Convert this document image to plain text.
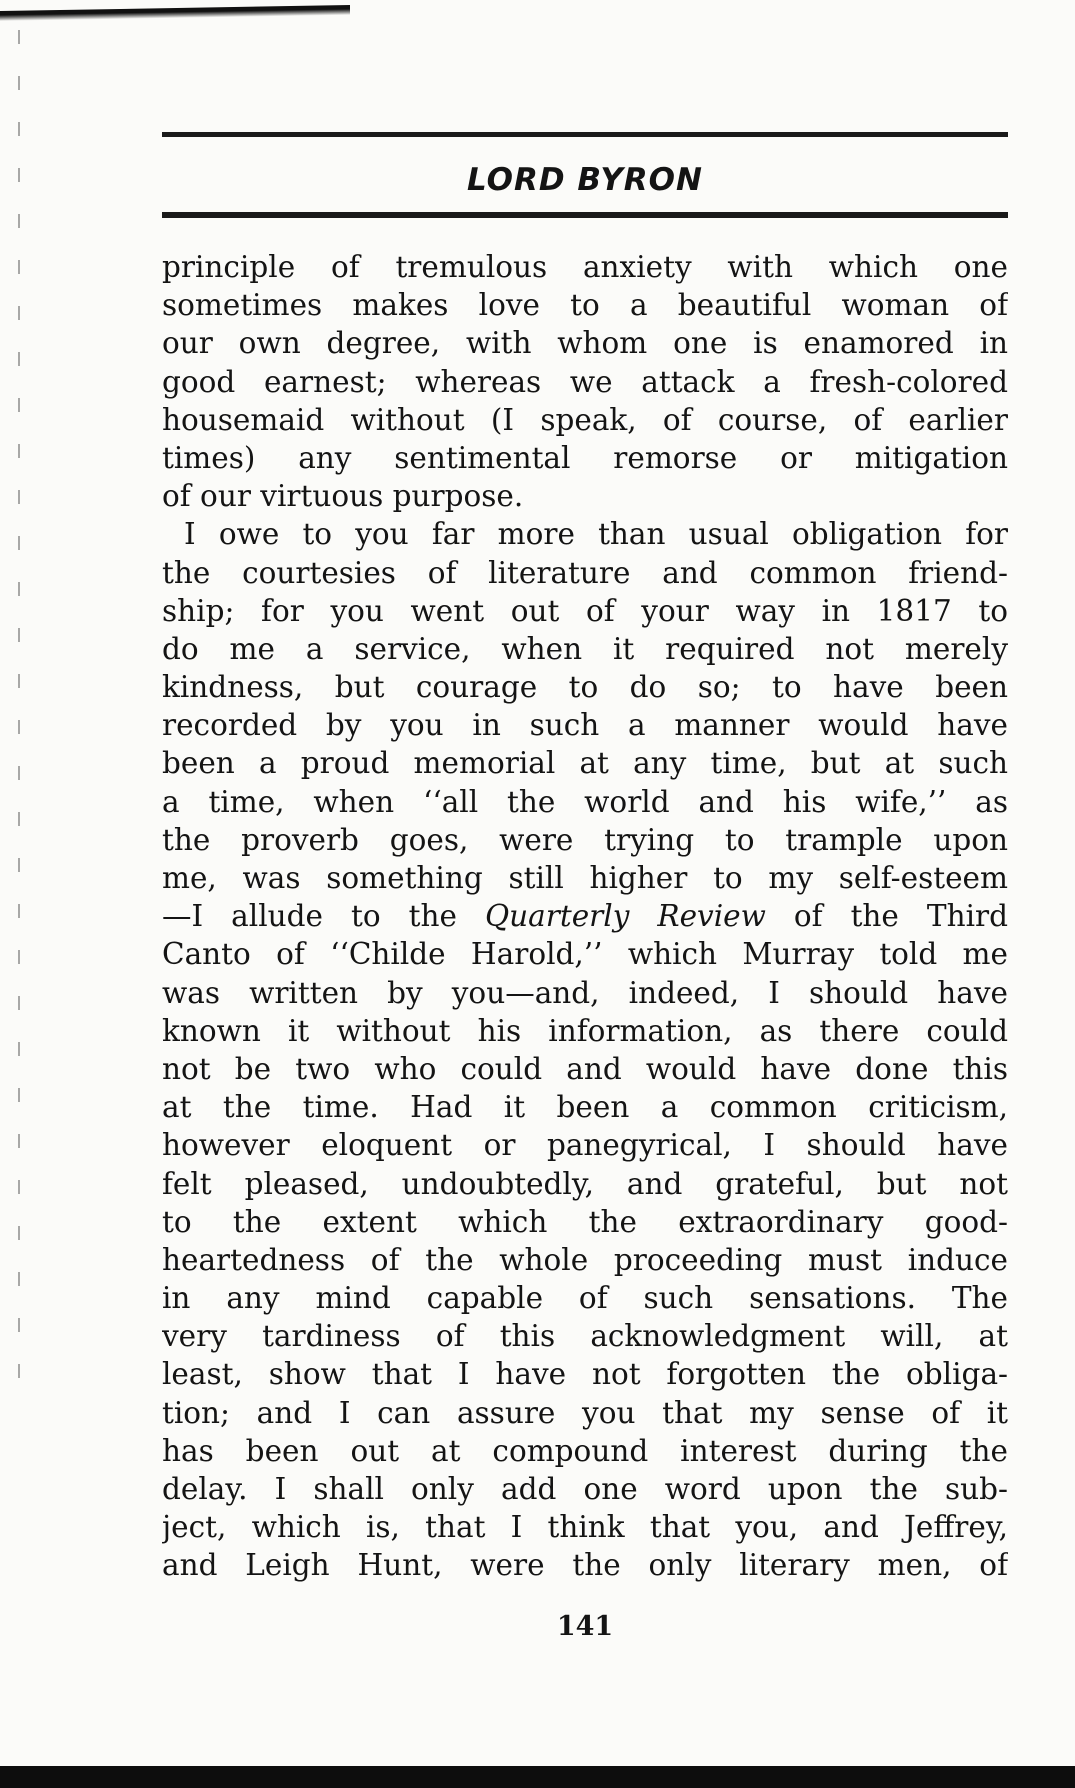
LORD BYRON
principle of tremulous anxiety with which one
sometimes makes love to a beautiful woman of
our own degree, with whom one is enamored in
good earnest; whereas we attack a fresh-colored
housemaid without (I speak, of course, of earlier
times) any sentimental remorse or mitigation
of our virtuous purpose.
I owe to you far more than usual obligation for
the courtesies of literature and common friend-
ship; for you went out of your way in 1817 to
do me a service, when it required not merely
kindness, but courage to do so; to have been
recorded by you in such a manner would have
been a proud memorial at any time, but at such
a time, when ‘‘all the world and his wife,’’ as
the proverb goes, were trying to trample upon
me, was something still higher to my self-esteem
—I allude to the Quarterly Review of the Third
Canto of ‘‘Childe Harold,’’ which Murray told me
was written by you—and, indeed, I should have
known it without his information, as there could
not be two who could and would have done this
at the time. Had it been a common criticism,
however eloquent or panegyrical, I should have
felt pleased, undoubtedly, and grateful, but not
to the extent which the extraordinary good-
heartedness of the whole proceeding must induce
in any mind capable of such sensations. The
very tardiness of this acknowledgment will, at
least, show that I have not forgotten the obliga-
tion; and I can assure you that my sense of it
has been out at compound interest during the
delay. I shall only add one word upon the sub-
ject, which is, that I think that you, and Jeffrey,
and Leigh Hunt, were the only literary men, of

141
